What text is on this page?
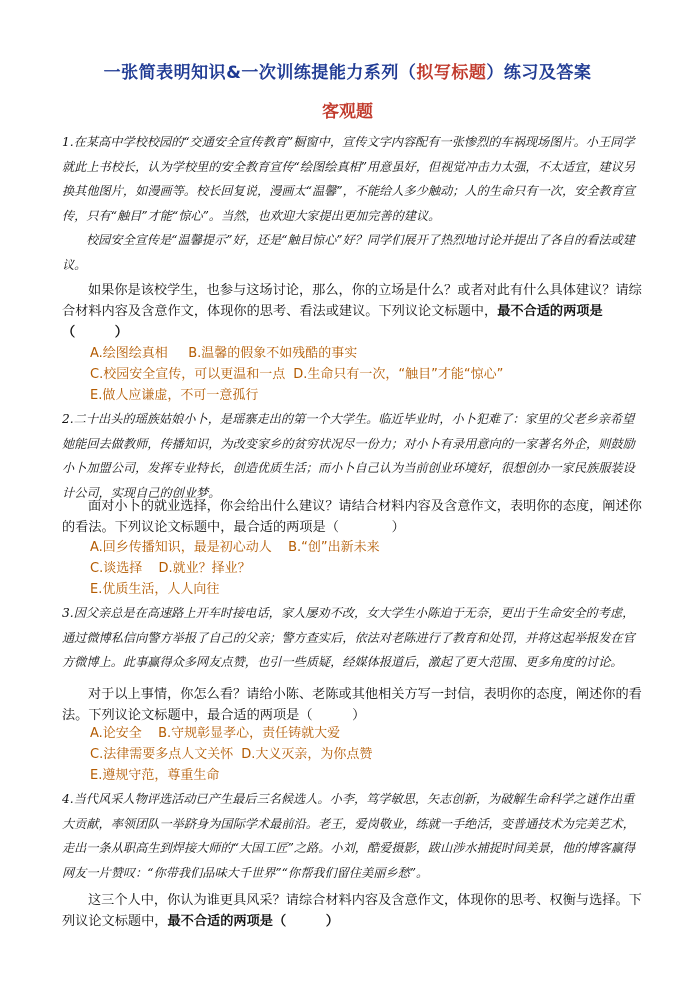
一张简表明知识&一次训练提能力系列（拟写标题）练习及答案
客观题
1.在某高中学校校园的“交通安全宣传教育”橱窗中，宣传文字内容配有一张惨烈的车祸现场图片。小王同学就此上书校长，认为学校里的安全教育宣传“绘图绘真相”用意虽好，但视觉冲击力太强，不太适宜，建议另换其他图片，如漫画等。校长回复说，漫画太“温馨”，不能给人多少触动；人的生命只有一次，安全教育宣传，只有“触目”才能“惊心”。当然，也欢迎大家提出更加完善的建议。
校园安全宣传是“温馨提示”好，还是“触目惊心”好？同学们展开了热烈地讨论并提出了各自的看法或建议。
如果你是该校学生，也参与这场讨论，那么，你的立场是什么？或者对此有什么具体建议？请综合材料内容及含意作文，体现你的思考、看法或建议。下列议论文标题中，最不合适的两项是（　　　）
A.绘图绘真相 B.温馨的假象不如残酷的事实
C.校园安全宣传，可以更温和一点 D.生命只有一次，“触目”才能“惊心”
E.做人应谦虚，不可一意孤行
2.二十出头的瑶族姑娘小卜，是瑶寨走出的第一个大学生。临近毕业时，小卜犯难了：家里的父老乡亲希望她能回去做教师，传播知识，为改变家乡的贫穷状况尽一份力；对小卜有录用意向的一家著名外企，则鼓励小卜加盟公司，发挥专业特长，创造优质生活；而小卜自己认为当前创业环境好，很想创办一家民族服装设计公司，实现自己的创业梦。
面对小卜的就业选择，你会给出什么建议？请结合材料内容及含意作文，表明你的态度，阐述你的看法。下列议论文标题中，最合适的两项是（　　　　）
A.回乡传播知识，最是初心动人 B.“创”出新未来
C.谈选择 D.就业？择业？
E.优质生活，人人向往
3.因父亲总是在高速路上开车时接电话，家人屡劝不改，女大学生小陈迫于无奈，更出于生命安全的考虑，通过微博私信向警方举报了自己的父亲；警方查实后，依法对老陈进行了教育和处罚，并将这起举报发在官方微博上。此事赢得众多网友点赞，也引一些质疑，经媒体报道后，激起了更大范围、更多角度的讨论。
对于以上事情，你怎么看？请给小陈、老陈或其他相关方写一封信，表明你的态度，阐述你的看法。下列议论文标题中，最合适的两项是（　　　）
A.论安全 B.守规彰显孝心，责任铸就大爱
C.法律需要多点人文关怀 D.大义灭亲，为你点赞
E.遵规守范，尊重生命
4.当代风采人物评选活动已产生最后三名候选人。小李，笃学敏思，矢志创新，为破解生命科学之谜作出重大贡献，率领团队一举跻身为国际学术最前沿。老王，爱岗敬业，练就一手绝活，变普通技术为完美艺术，走出一条从职高生到焊接大师的“大国工匠”之路。小刘，酷爱摄影，跋山涉水捕捉时间美景，他的博客赢得网友一片赞叹：“你带我们品味大千世界”“你帮我们留住美丽乡愁”。
这三个人中，你认为谁更具风采？请综合材料内容及含意作文，体现你的思考、权衡与选择。下列议论文标题中，最不合适的两项是（　　　）
